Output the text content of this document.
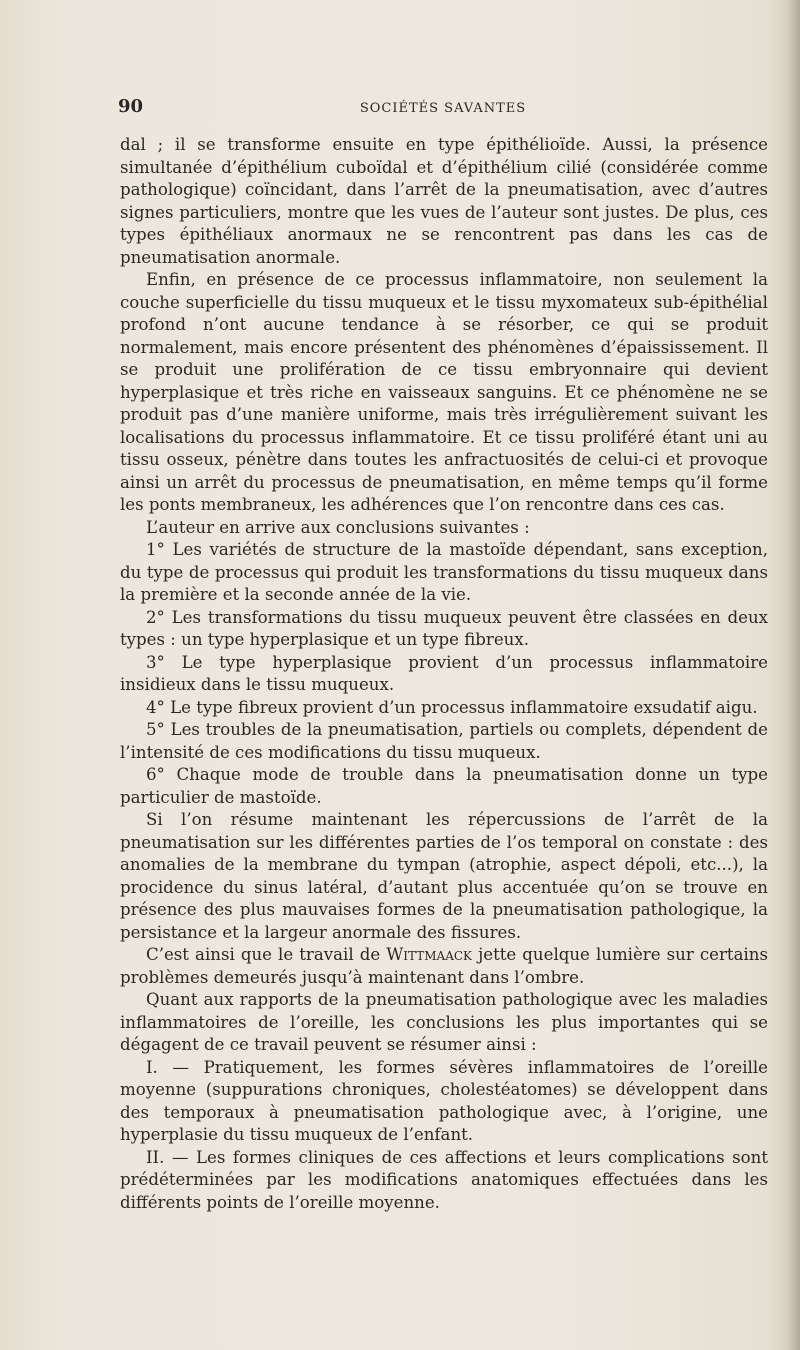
90	SOCIÉTÉS SAVANTES

dal ; il se transforme ensuite en type épithélioïde. Aussi, la présence simultanée d’épithélium cuboïdal et d’épithélium cilié (considérée comme pathologique) coïncidant, dans l’arrêt de la pneumatisation, avec d’autres signes particuliers, montre que les vues de l’auteur sont justes. De plus, ces types épithéliaux anormaux ne se rencontrent pas dans les cas de pneumatisation anormale.

Enfin, en présence de ce processus inflammatoire, non seulement la couche superficielle du tissu muqueux et le tissu myxomateux sub-épithélial profond n’ont aucune tendance à se résorber, ce qui se produit normalement, mais encore présentent des phénomènes d’épaississement. Il se produit une prolifération de ce tissu embryonnaire qui devient hyperplasique et très riche en vaisseaux sanguins. Et ce phénomène ne se produit pas d’une manière uniforme, mais très irrégulièrement suivant les localisations du processus inflammatoire. Et ce tissu proliféré étant uni au tissu osseux, pénètre dans toutes les anfractuosités de celui-ci et provoque ainsi un arrêt du processus de pneumatisation, en même temps qu’il forme les ponts membraneux, les adhérences que l’on rencontre dans ces cas.

L’auteur en arrive aux conclusions suivantes :

1° Les variétés de structure de la mastoïde dépendant, sans exception, du type de processus qui produit les transformations du tissu muqueux dans la première et la seconde année de la vie.

2° Les transformations du tissu muqueux peuvent être classées en deux types : un type hyperplasique et un type fibreux.

3° Le type hyperplasique provient d’un processus inflammatoire insidieux dans le tissu muqueux.

4° Le type fibreux provient d’un processus inflammatoire exsudatif aigu.

5° Les troubles de la pneumatisation, partiels ou complets, dépendent de l’intensité de ces modifications du tissu muqueux.

6° Chaque mode de trouble dans la pneumatisation donne un type particulier de mastoïde.

Si l’on résume maintenant les répercussions de l’arrêt de la pneumatisation sur les différentes parties de l’os temporal on constate : des anomalies de la membrane du tympan (atrophie, aspect dépoli, etc...), la procidence du sinus latéral, d’autant plus accentuée qu’on se trouve en présence des plus mauvaises formes de la pneumatisation pathologique, la persistance et la largeur anormale des fissures.

C’est ainsi que le travail de Wittmaack jette quelque lumière sur certains problèmes demeurés jusqu’à maintenant dans l’ombre.

Quant aux rapports de la pneumatisation pathologique avec les maladies inflammatoires de l’oreille, les conclusions les plus importantes qui se dégagent de ce travail peuvent se résumer ainsi :

I. — Pratiquement, les formes sévères inflammatoires de l’oreille moyenne (suppurations chroniques, cholestéatomes) se développent dans des temporaux à pneumatisation pathologique avec, à l’origine, une hyperplasie du tissu muqueux de l’enfant.

II. — Les formes cliniques de ces affections et leurs complications sont prédéterminées par les modifications anatomiques effectuées dans les différents points de l’oreille moyenne.
